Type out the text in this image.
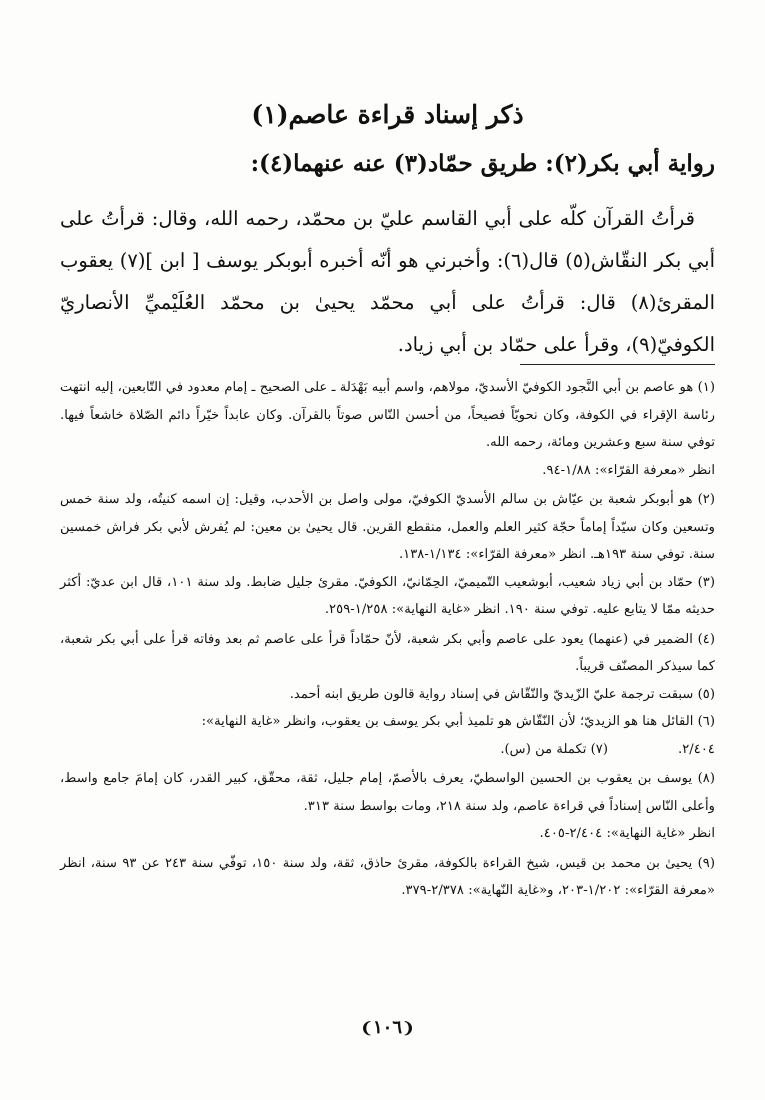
ذكر إسناد قراءة عاصم(١)
رواية أبي بكر(٢): طريق حمّاد(٣) عنه عنهما(٤):

قرأتُ القرآن كلّه على أبي القاسم عليّ بن محمّد، رحمه الله، وقال: قرأتُ على أبي بكر النقّاش(٥) قال(٦): وأخبرني هو أنّه أخبره أبوبكر يوسف [ ابن ](٧) يعقوب المقرئ(٨) قال: قرأتُ على أبي محمّد يحيىٰ بن محمّد العُلَيْميِّ الأنصاريّ الكوفيّ(٩)، وقرأ على حمّاد بن أبي زياد.

(١) هو عاصم بن أبي النَّجود الكوفيّ الأسديّ، مولاهم، واسم أبيه بَهْدَلة ـ على الصحيح ـ إمام معدود في التّابعين، إليه انتهت رئاسة الإقراء في الكوفة، وكان نحويّاً فصيحاً، من أحسن النّاس صوتاً بالقرآن. وكان عابداً خيّراً دائم الصّلاة خاشعاً فيها. توفي سنة سبع وعشرين ومائة، رحمه الله.

انظر «معرفة القرّاء»: ١/٨٨-٩٤.

(٢) هو أبوبكر شعبة بن عيّاش بن سالم الأسديّ الكوفيّ، مولى واصل بن الأحدب، وقيل: إن اسمه كنيتُه، ولد سنة خمس وتسعين وكان سيّداً إماماً حجّة كثير العلم والعمل، منقطع القرين. قال يحيىٰ بن معين: لم يُفرش لأبي بكر فراش خمسين سنة. توفي سنة ١٩٣هـ. انظر «معرفة القرّاء»: ١/١٣٤-١٣٨.

(٣) حمّاد بن أبي زياد شعيب، أبوشعيب التّميميّ، الحِمّانيّ، الكوفيّ. مقرئ جليل ضابط. ولد سنة ١٠١، قال ابن عديّ: أكثر حديثه ممّا لا يتابع عليه. توفي سنة ١٩٠. انظر «غاية النهاية»: ١/٢٥٨-٢٥٩.

(٤) الضمير في (عنهما) يعود على عاصم وأبي بكر شعبة، لأنّ حمّاداً قرأ على عاصم ثم بعد وفاته قرأ على أبي بكر شعبة، كما سيذكر المصنّف قريباً.

(٥) سبقت ترجمة عليّ الزّيديّ والنّقّاش في إسناد رواية قالون طريق ابنه أحمد.

(٦) القائل هنا هو الزيديّ؛ لأن النّقّاش هو تلميذ أبي بكر يوسف بن يعقوب، وانظر «غاية النهاية»:

٢/٤٠٤.
(٧) تكملة من (س).

(٨) يوسف بن يعقوب بن الحسين الواسطيّ، يعرف بالأصمّ، إمام جليل، ثقة، محقّق، كبير القدر، كان إمامَ جامع واسط، وأعلى النّاس إسناداً في قراءة عاصم، ولد سنة ٢١٨، ومات بواسط سنة ٣١٣.

انظر «غاية النهاية»: ٢/٤٠٤-٤٠٥.

(٩) يحيىٰ بن محمد بن قيس، شيخ القراءة بالكوفة، مقرئ حاذق، ثقة، ولد سنة ١٥٠، توفّي سنة ٢٤٣ عن ٩٣ سنة، انظر «معرفة القرّاء»: ١/٢٠٢-٢٠٣، و«غاية النّهاية»: ٢/٣٧٨-٣٧٩.

❨١٠٦❩
